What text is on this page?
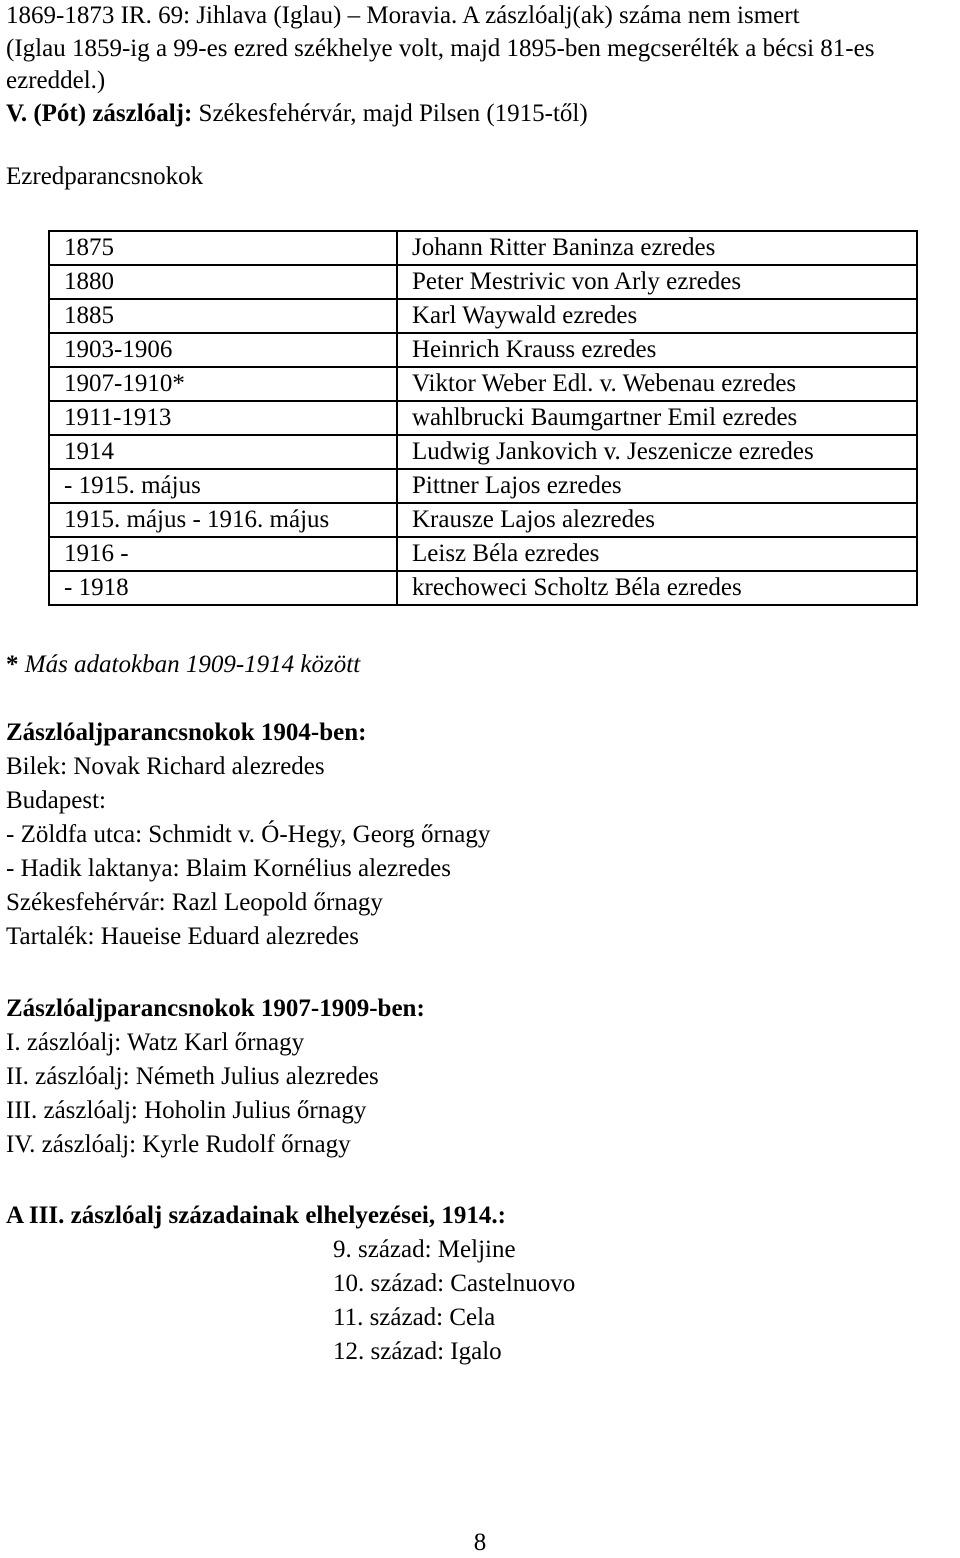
1869-1873 IR. 69: Jihlava (Iglau) – Moravia. A zászlóalj(ak) száma nem ismert
(Iglau 1859-ig a 99-es ezred székhelye volt, majd 1895-ben megcserélték a bécsi 81-es
ezreddel.)
V. (Pót) zászlóalj: Székesfehérvár, majd Pilsen (1915-től)
Ezredparancsnokok
1875	Johann Ritter Baninza ezredes
1880	Peter Mestrivic von Arly ezredes
1885	Karl Waywald ezredes
1903-1906	Heinrich Krauss ezredes
1907-1910*	Viktor Weber Edl. v. Webenau ezredes
1911-1913	wahlbrucki Baumgartner Emil ezredes
1914	Ludwig Jankovich v. Jeszenicze ezredes
- 1915. május	Pittner Lajos ezredes
1915. május - 1916. május	Krausze Lajos alezredes
1916 -	Leisz Béla ezredes
- 1918	krechoweci Scholtz Béla ezredes
* Más adatokban 1909-1914 között
Zászlóaljparancsnokok 1904-ben:
Bilek: Novak Richard alezredes
Budapest:
- Zöldfa utca: Schmidt v. Ó-Hegy, Georg őrnagy
- Hadik laktanya: Blaim Kornélius alezredes
Székesfehérvár: Razl Leopold őrnagy
Tartalék: Haueise Eduard alezredes
Zászlóaljparancsnokok 1907-1909-ben:
I. zászlóalj: Watz Karl őrnagy
II. zászlóalj: Németh Julius alezredes
III. zászlóalj: Hoholin Julius őrnagy
IV. zászlóalj: Kyrle Rudolf őrnagy
A III. zászlóalj századainak elhelyezései, 1914.:
9. század: Meljine
10. század: Castelnuovo
11. század: Cela
12. század: Igalo
8
